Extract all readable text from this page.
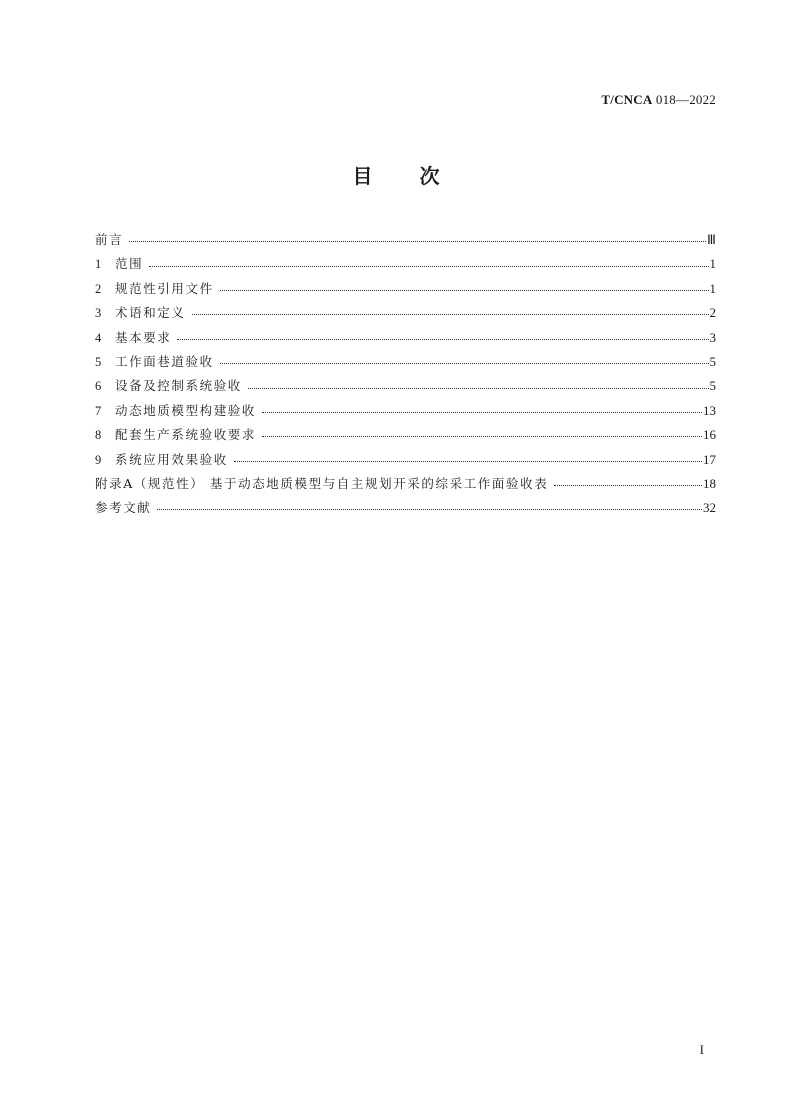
T/CNCA 018—2022
目 次
前言	Ⅲ
1	范围	1
2	规范性引用文件	1
3	术语和定义	2
4	基本要求	3
5	工作面巷道验收	5
6	设备及控制系统验收	5
7	动态地质模型构建验收	13
8	配套生产系统验收要求	16
9	系统应用效果验收	17
附录A（规范性） 基于动态地质模型与自主规划开采的综采工作面验收表	18
参考文献	32
I
